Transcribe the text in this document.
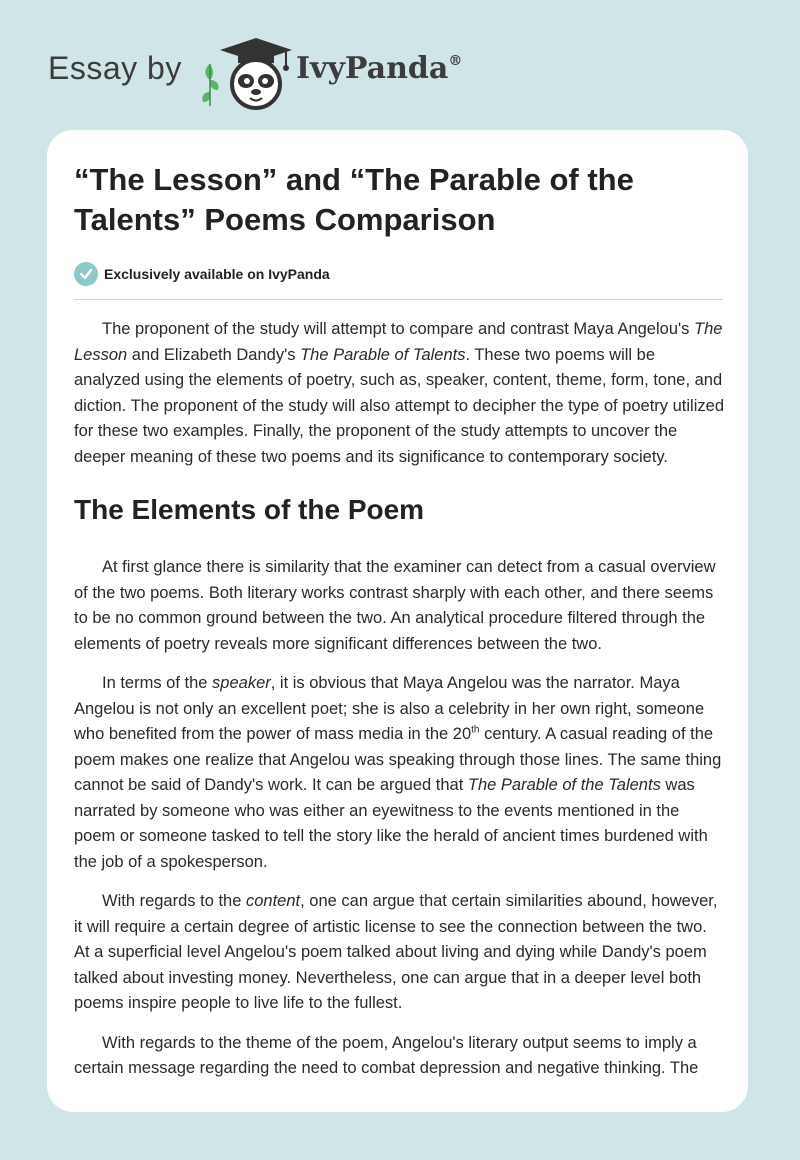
Essay by	IvyPanda®
“The Lesson” and “The Parable of the Talents” Poems Comparison
Exclusively available on IvyPanda

The proponent of the study will attempt to compare and contrast Maya Angelou's The Lesson and Elizabeth Dandy's The Parable of Talents. These two poems will be analyzed using the elements of poetry, such as, speaker, content, theme, form, tone, and diction. The proponent of the study will also attempt to decipher the type of poetry utilized for these two examples. Finally, the proponent of the study attempts to uncover the deeper meaning of these two poems and its significance to contemporary society.

The Elements of the Poem

At first glance there is similarity that the examiner can detect from a casual overview of the two poems. Both literary works contrast sharply with each other, and there seems to be no common ground between the two. An analytical procedure filtered through the elements of poetry reveals more significant differences between the two.

In terms of the speaker, it is obvious that Maya Angelou was the narrator. Maya Angelou is not only an excellent poet; she is also a celebrity in her own right, someone who benefited from the power of mass media in the 20th century. A casual reading of the poem makes one realize that Angelou was speaking through those lines. The same thing cannot be said of Dandy's work. It can be argued that The Parable of the Talents was narrated by someone who was either an eyewitness to the events mentioned in the poem or someone tasked to tell the story like the herald of ancient times burdened with the job of a spokesperson.

With regards to the content, one can argue that certain similarities abound, however, it will require a certain degree of artistic license to see the connection between the two. At a superficial level Angelou's poem talked about living and dying while Dandy's poem talked about investing money. Nevertheless, one can argue that in a deeper level both poems inspire people to live life to the fullest.

With regards to the theme of the poem, Angelou's literary output seems to imply a certain message regarding the need to combat depression and negative thinking. The
